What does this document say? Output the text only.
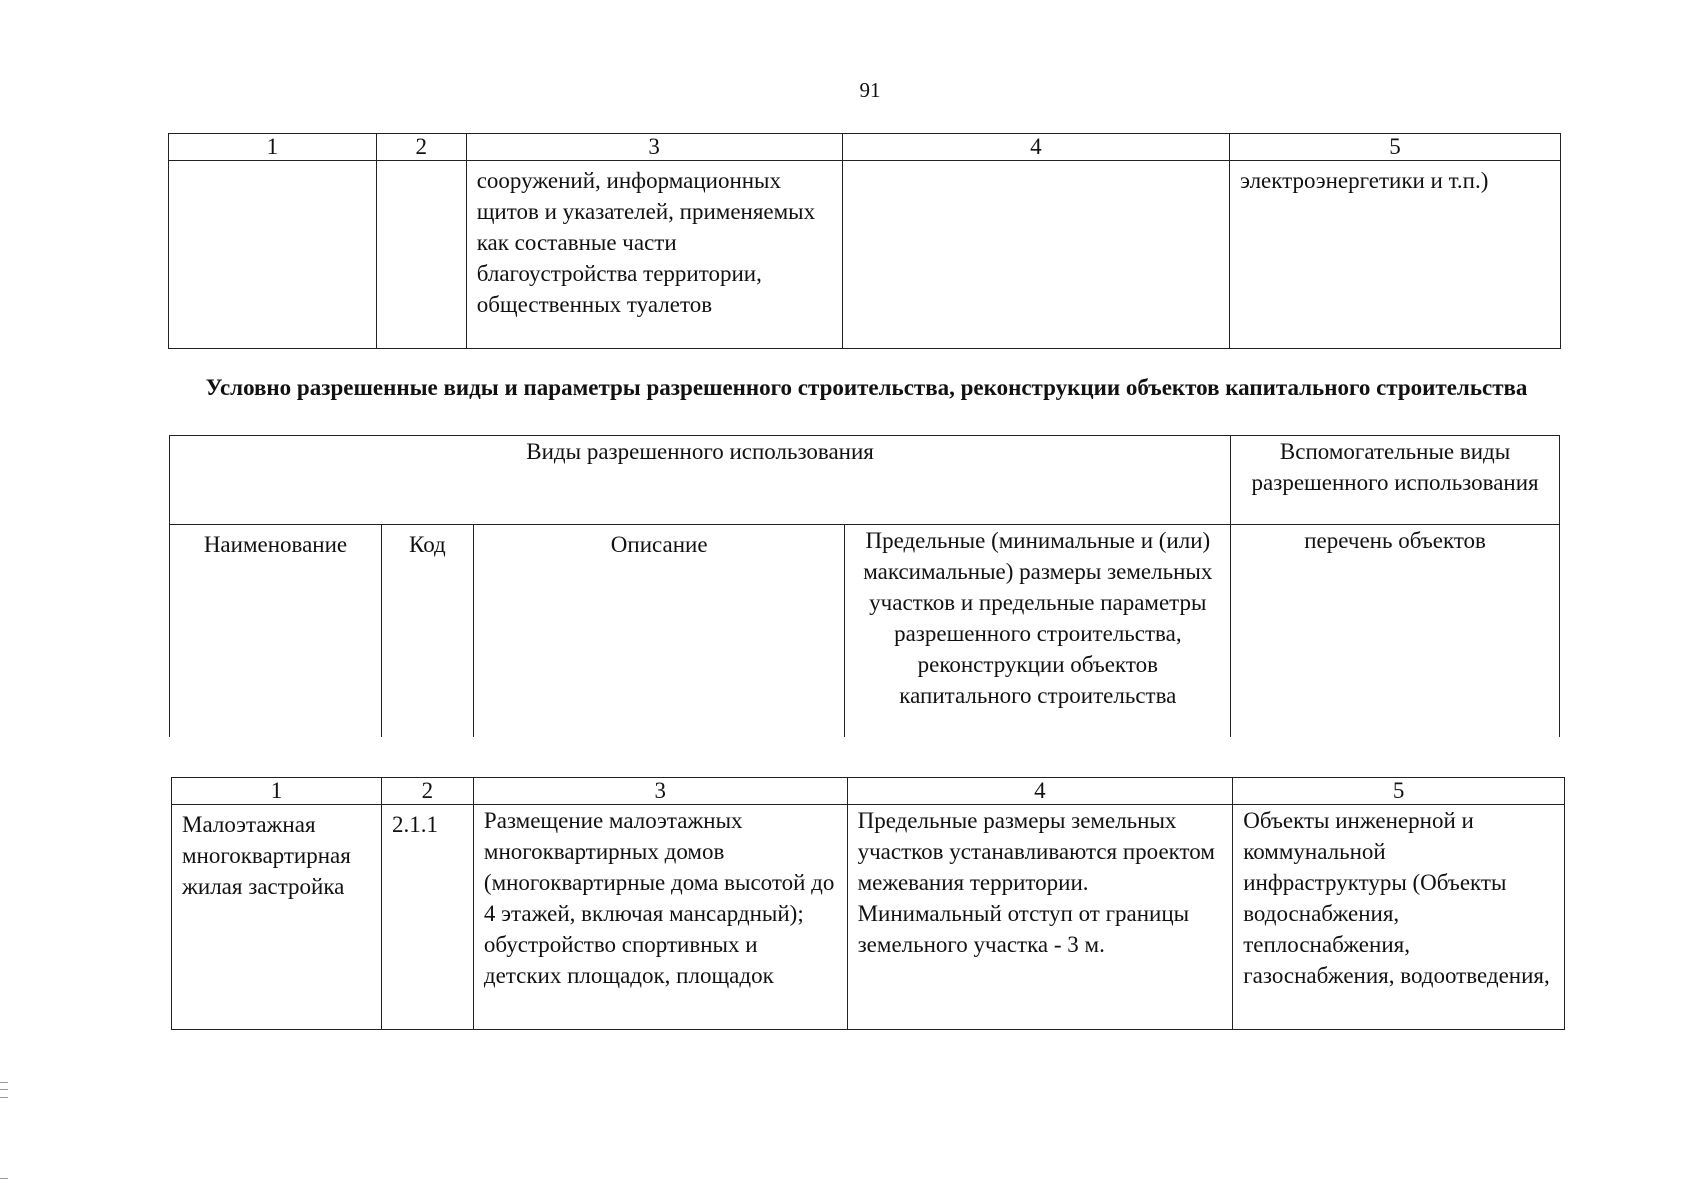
91
1	2	3	4	5
		сооружений, информационных щитов и указателей, применяемых как составные части благоустройства территории, общественных туалетов		электроэнергетики и т.п.)
Условно разрешенные виды и параметры разрешенного строительства, реконструкции объектов капитального строительства
Виды разрешенного использования				Вспомогательные виды разрешенного использования
Наименование	Код	Описание	Предельные (минимальные и (или) максимальные) размеры земельных участков и предельные параметры разрешенного строительства, реконструкции объектов капитального строительства	перечень объектов
1	2	3	4	5
Малоэтажная многоквартирная жилая застройка	2.1.1	Размещение малоэтажных многоквартирных домов (многоквартирные дома высотой до 4 этажей, включая мансардный); обустройство спортивных и детских площадок, площадок	Предельные размеры земельных участков устанавливаются проектом межевания территории. Минимальный отступ от границы земельного участка - 3 м.	Объекты инженерной и коммунальной инфраструктуры (Объекты водоснабжения, теплоснабжения, газоснабжения, водоотведения,
